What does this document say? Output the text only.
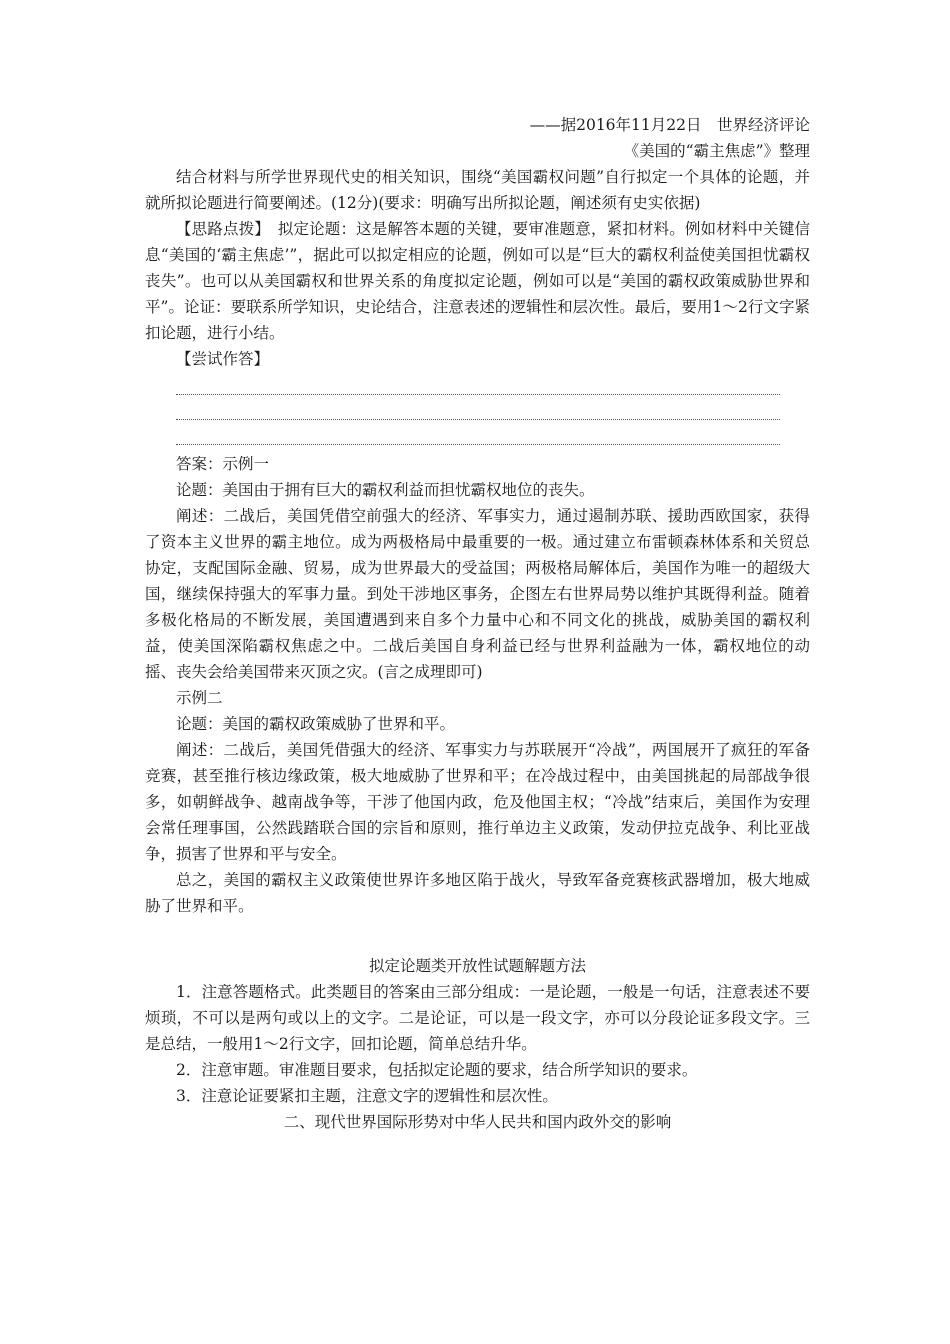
——据2016年11月22日　世界经济评论
《美国的“霸主焦虑”》整理

结合材料与所学世界现代史的相关知识，围绕“美国霸权问题”自行拟定一个具体的论题，并就所拟论题进行简要阐述。(12分)(要求：明确写出所拟论题，阐述须有史实依据)

【思路点拨】　拟定论题：这是解答本题的关键，要审准题意，紧扣材料。例如材料中关键信息“美国的‘霸主焦虑’”，据此可以拟定相应的论题，例如可以是“巨大的霸权利益使美国担忧霸权丧失”。也可以从美国霸权和世界关系的角度拟定论题，例如可以是“美国的霸权政策威胁世界和平”。论证：要联系所学知识，史论结合，注意表述的逻辑性和层次性。最后，要用1～2行文字紧扣论题，进行小结。

【尝试作答】

答案：示例一

论题：美国由于拥有巨大的霸权利益而担忧霸权地位的丧失。

阐述：二战后，美国凭借空前强大的经济、军事实力，通过遏制苏联、援助西欧国家，获得了资本主义世界的霸主地位。成为两极格局中最重要的一极。通过建立布雷顿森林体系和关贸总协定，支配国际金融、贸易，成为世界最大的受益国；两极格局解体后，美国作为唯一的超级大国，继续保持强大的军事力量。到处干涉地区事务，企图左右世界局势以维护其既得利益。随着多极化格局的不断发展，美国遭遇到来自多个力量中心和不同文化的挑战，威胁美国的霸权利益，使美国深陷霸权焦虑之中。二战后美国自身利益已经与世界利益融为一体，霸权地位的动摇、丧失会给美国带来灭顶之灾。(言之成理即可)

示例二

论题：美国的霸权政策威胁了世界和平。

阐述：二战后，美国凭借强大的经济、军事实力与苏联展开“冷战”，两国展开了疯狂的军备竞赛，甚至推行核边缘政策，极大地威胁了世界和平；在冷战过程中，由美国挑起的局部战争很多，如朝鲜战争、越南战争等，干涉了他国内政，危及他国主权；“冷战”结束后，美国作为安理会常任理事国，公然践踏联合国的宗旨和原则，推行单边主义政策，发动伊拉克战争、利比亚战争，损害了世界和平与安全。

总之，美国的霸权主义政策使世界许多地区陷于战火，导致军备竞赛核武器增加，极大地威胁了世界和平。

拟定论题类开放性试题解题方法

1．注意答题格式。此类题目的答案由三部分组成：一是论题，一般是一句话，注意表述不要烦琐，不可以是两句或以上的文字。二是论证，可以是一段文字，亦可以分段论证多段文字。三是总结，一般用1～2行文字，回扣论题，简单总结升华。

2．注意审题。审准题目要求，包括拟定论题的要求，结合所学知识的要求。

3．注意论证要紧扣主题，注意文字的逻辑性和层次性。

二、现代世界国际形势对中华人民共和国内政外交的影响
